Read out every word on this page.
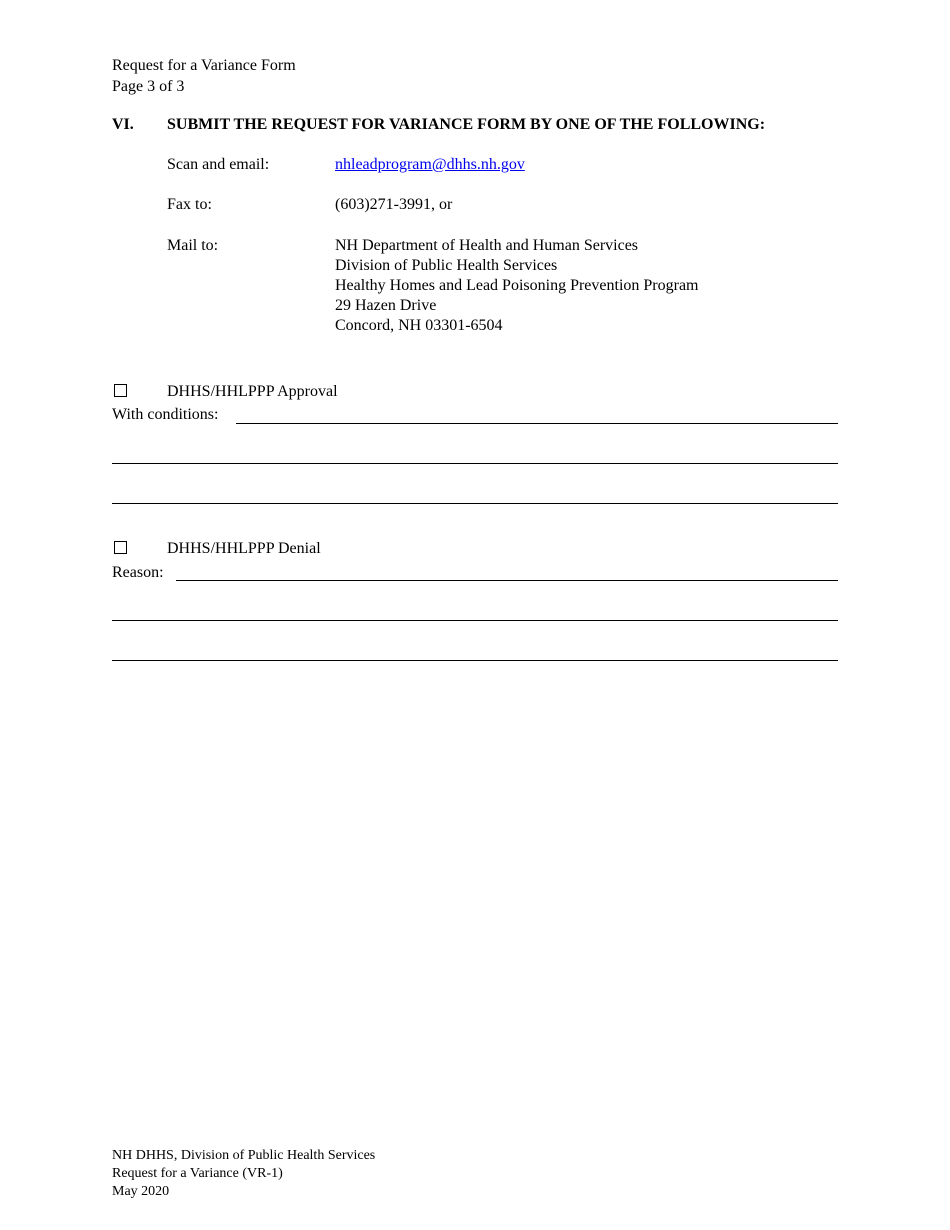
Request for a Variance Form
Page 3 of 3
VI. SUBMIT THE REQUEST FOR VARIANCE FORM BY ONE OF THE FOLLOWING:
Scan and email:	nhleadprogram@dhhs.nh.gov
Fax to:	(603)271-3991, or
Mail to:	NH Department of Health and Human Services
Division of Public Health Services
Healthy Homes and Lead Poisoning Prevention Program
29 Hazen Drive
Concord, NH 03301-6504
DHHS/HHLPPP Approval
With conditions:
DHHS/HHLPPP Denial
Reason:
NH DHHS, Division of Public Health Services
Request for a Variance (VR-1)
May 2020
